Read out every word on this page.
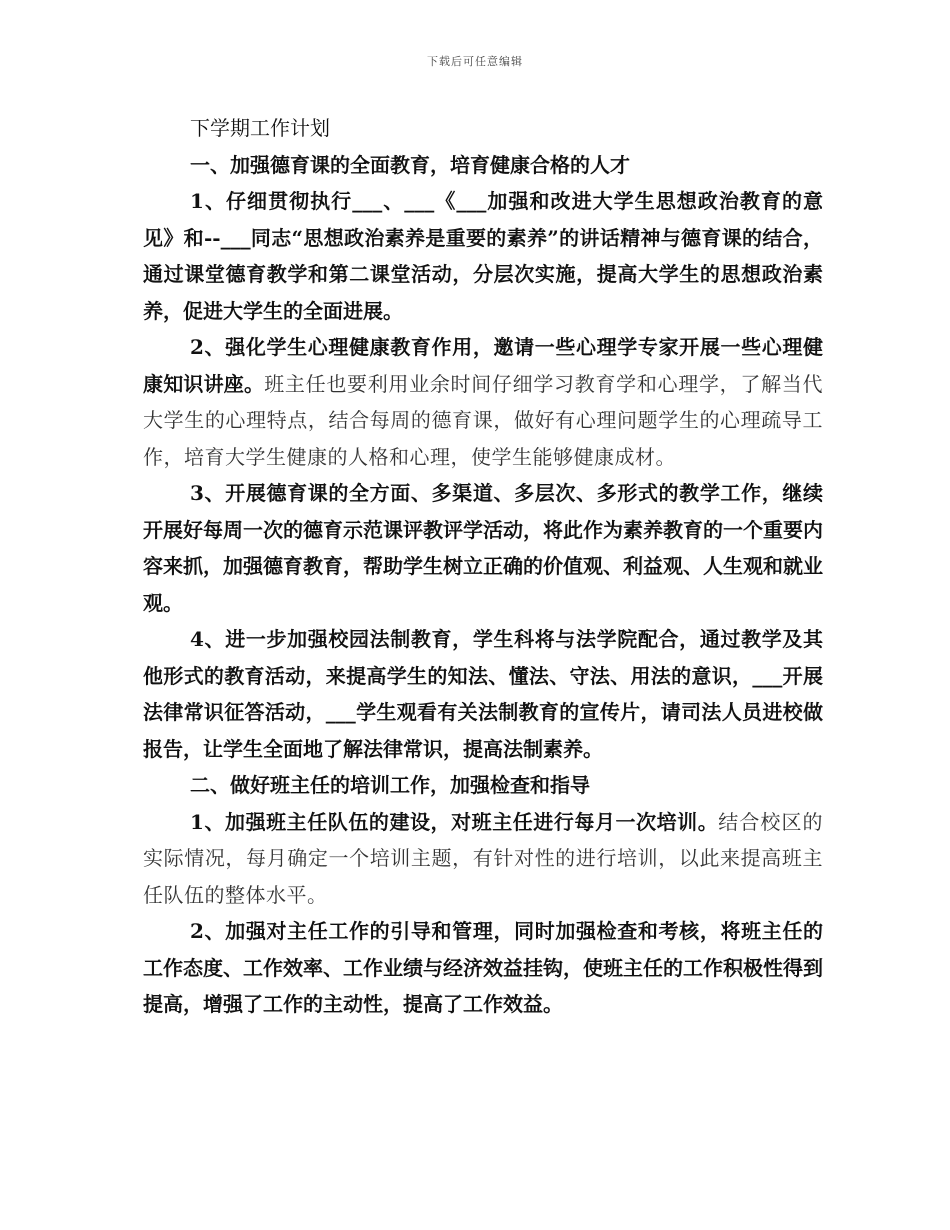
下载后可任意编辑
下学期工作计划
一、加强德育课的全面教育，培育健康合格的人才

1、仔细贯彻执行___、___《___加强和改进大学生思想政治教育的意见》和--___同志“思想政治素养是重要的素养”的讲话精神与德育课的结合，通过课堂德育教学和第二课堂活动，分层次实施，提高大学生的思想政治素养，促进大学生的全面进展。

2、强化学生心理健康教育作用，邀请一些心理学专家开展一些心理健康知识讲座。班主任也要利用业余时间仔细学习教育学和心理学，了解当代大学生的心理特点，结合每周的德育课，做好有心理问题学生的心理疏导工作，培育大学生健康的人格和心理，使学生能够健康成材。

3、开展德育课的全方面、多渠道、多层次、多形式的教学工作，继续开展好每周一次的德育示范课评教评学活动，将此作为素养教育的一个重要内容来抓，加强德育教育，帮助学生树立正确的价值观、利益观、人生观和就业观。

4、进一步加强校园法制教育，学生科将与法学院配合，通过教学及其他形式的教育活动，来提高学生的知法、懂法、守法、用法的意识，___开展法律常识征答活动，___学生观看有关法制教育的宣传片，请司法人员进校做报告，让学生全面地了解法律常识，提高法制素养。

二、做好班主任的培训工作，加强检查和指导

1、加强班主任队伍的建设，对班主任进行每月一次培训。结合校区的实际情况，每月确定一个培训主题，有针对性的进行培训，以此来提高班主任队伍的整体水平。

2、加强对主任工作的引导和管理，同时加强检查和考核，将班主任的工作态度、工作效率、工作业绩与经济效益挂钩，使班主任的工作积极性得到提高，增强了工作的主动性，提高了工作效益。
